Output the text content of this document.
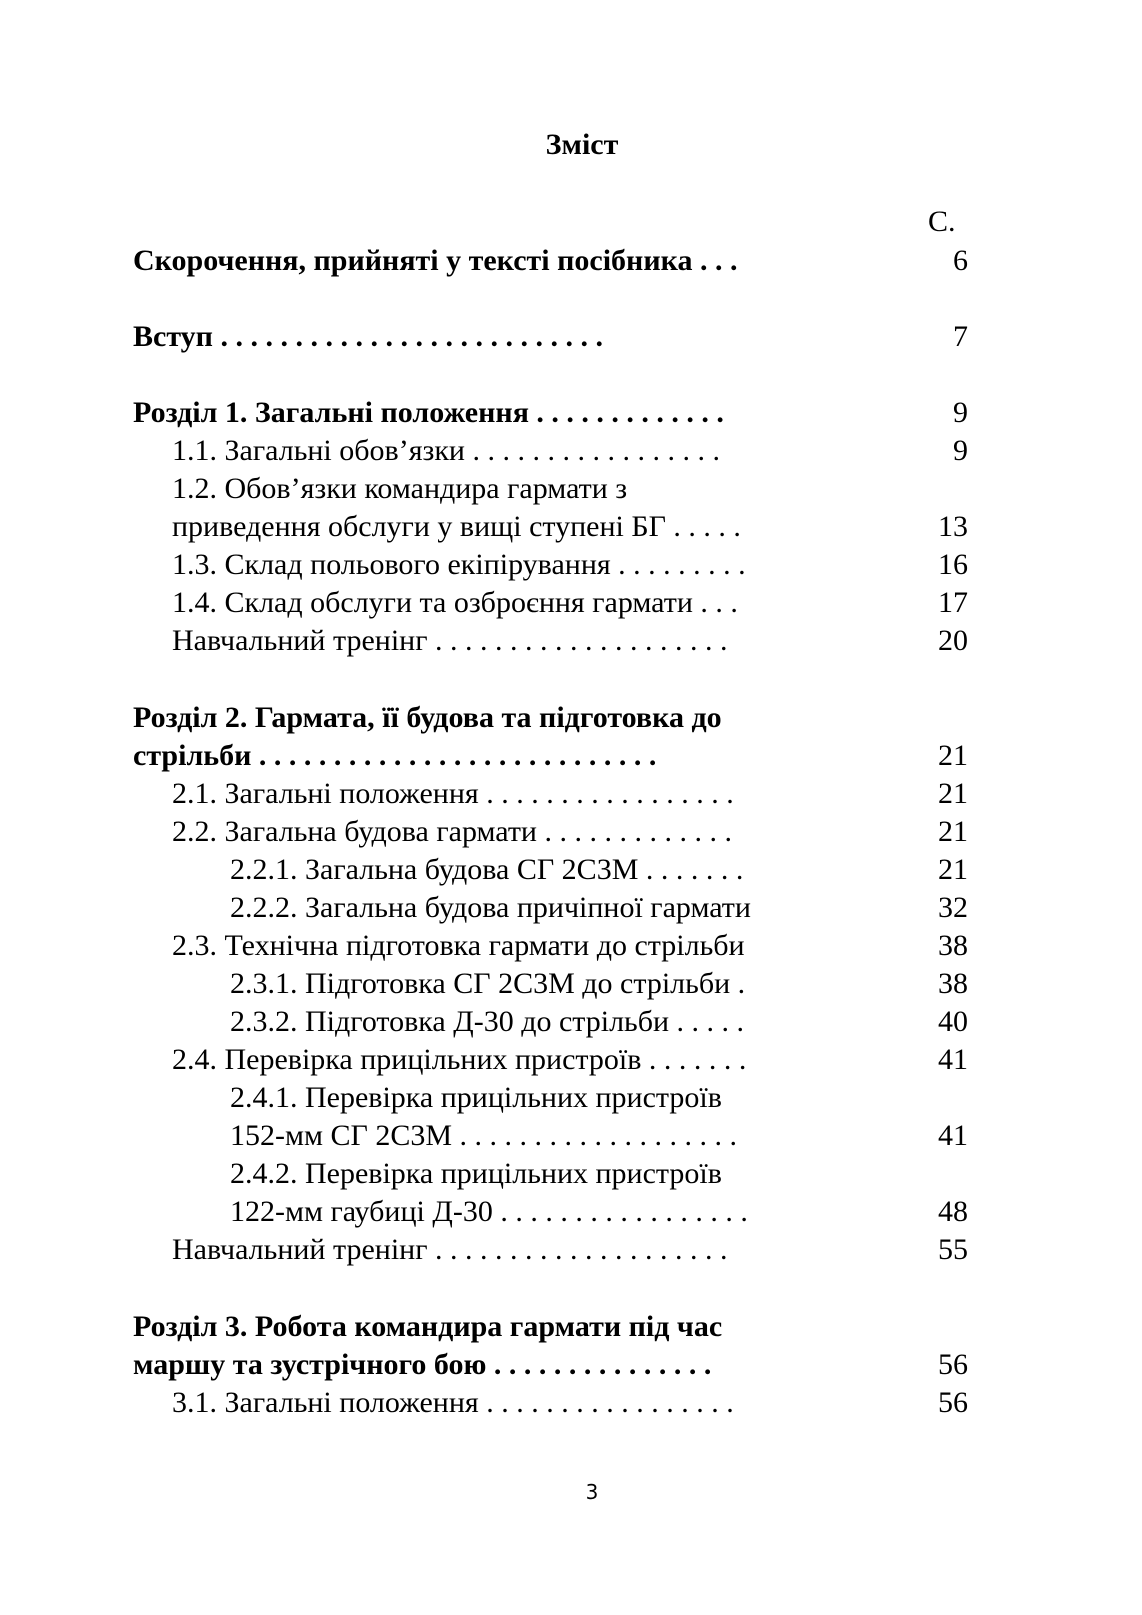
Зміст
С.
Скорочення, прийняті у тексті посібника . . .	6
Вступ . . . . . . . . . . . . . . . . . . . . . . . . . .	7
Розділ 1. Загальні положення . . . . . . . . . . . . .	9
1.1. Загальні обов’язки . . . . . . . . . . . . . . . . .	9
1.2. Обов’язки командира гармати з
приведення обслуги у вищі ступені БГ . . . . .	13
1.3. Склад польового екіпірування . . . . . . . . .	16
1.4. Склад обслуги та озброєння гармати . . .	17
Навчальний тренінг . . . . . . . . . . . . . . . . . . . .	20
Розділ 2. Гармата, її будова та підготовка до
стрільби . . . . . . . . . . . . . . . . . . . . . . . . . . .	21
2.1. Загальні положення . . . . . . . . . . . . . . . . .	21
2.2. Загальна будова гармати . . . . . . . . . . . . .	21
2.2.1. Загальна будова СГ 2С3М . . . . . . .	21
2.2.2. Загальна будова причіпної гармати	32
2.3. Технічна підготовка гармати до стрільби	38
2.3.1. Підготовка СГ 2С3М до стрільби .	38
2.3.2. Підготовка Д-30 до стрільби . . . . .	40
2.4. Перевірка прицільних пристроїв . . . . . . .	41
2.4.1. Перевірка прицільних пристроїв
152-мм СГ 2С3М . . . . . . . . . . . . . . . . . . .	41
2.4.2. Перевірка прицільних пристроїв
122-мм гаубиці Д-30 . . . . . . . . . . . . . . . . .	48
Навчальний тренінг . . . . . . . . . . . . . . . . . . . .	55
Розділ 3. Робота командира гармати під час
маршу та зустрічного бою . . . . . . . . . . . . . . .	56
3.1. Загальні положення . . . . . . . . . . . . . . . . .	56
3
